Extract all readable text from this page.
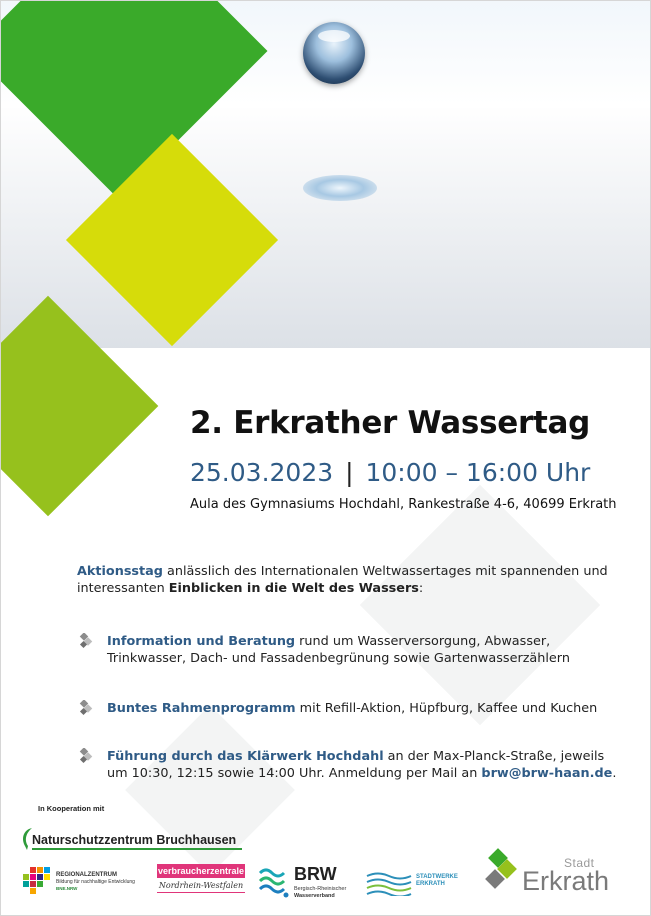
2. Erkrather Wassertag
25.03.2023 | 10:00 – 16:00 Uhr
Aula des Gymnasiums Hochdahl, Rankestraße 4-6, 40699 Erkrath
Aktionsstag anlässlich des Internationalen Weltwassertages mit spannenden und interessanten Einblicken in die Welt des Wassers:
Information und Beratung rund um Wasserversorgung, Abwasser, Trinkwasser, Dach- und Fassadenbegrünung sowie Gartenwasserzählern
Buntes Rahmenprogramm mit Refill-Aktion, Hüpfburg, Kaffee und Kuchen
Führung durch das Klärwerk Hochdahl an der Max-Planck-Straße, jeweils um 10:30, 12:15 sowie 14:00 Uhr. Anmeldung per Mail an brw@brw-haan.de.
In Kooperation mit
Naturschutzzentrum Bruchhausen
REGIONALZENTRUM
Bildung für nachhaltige Entwicklung
BNE.NRW
verbraucherzentrale
Nordrhein-Westfalen
BRW
Bergisch-Rheinischer
Wasserverband
STADTWERKE
ERKRATH
Stadt
Erkrath
